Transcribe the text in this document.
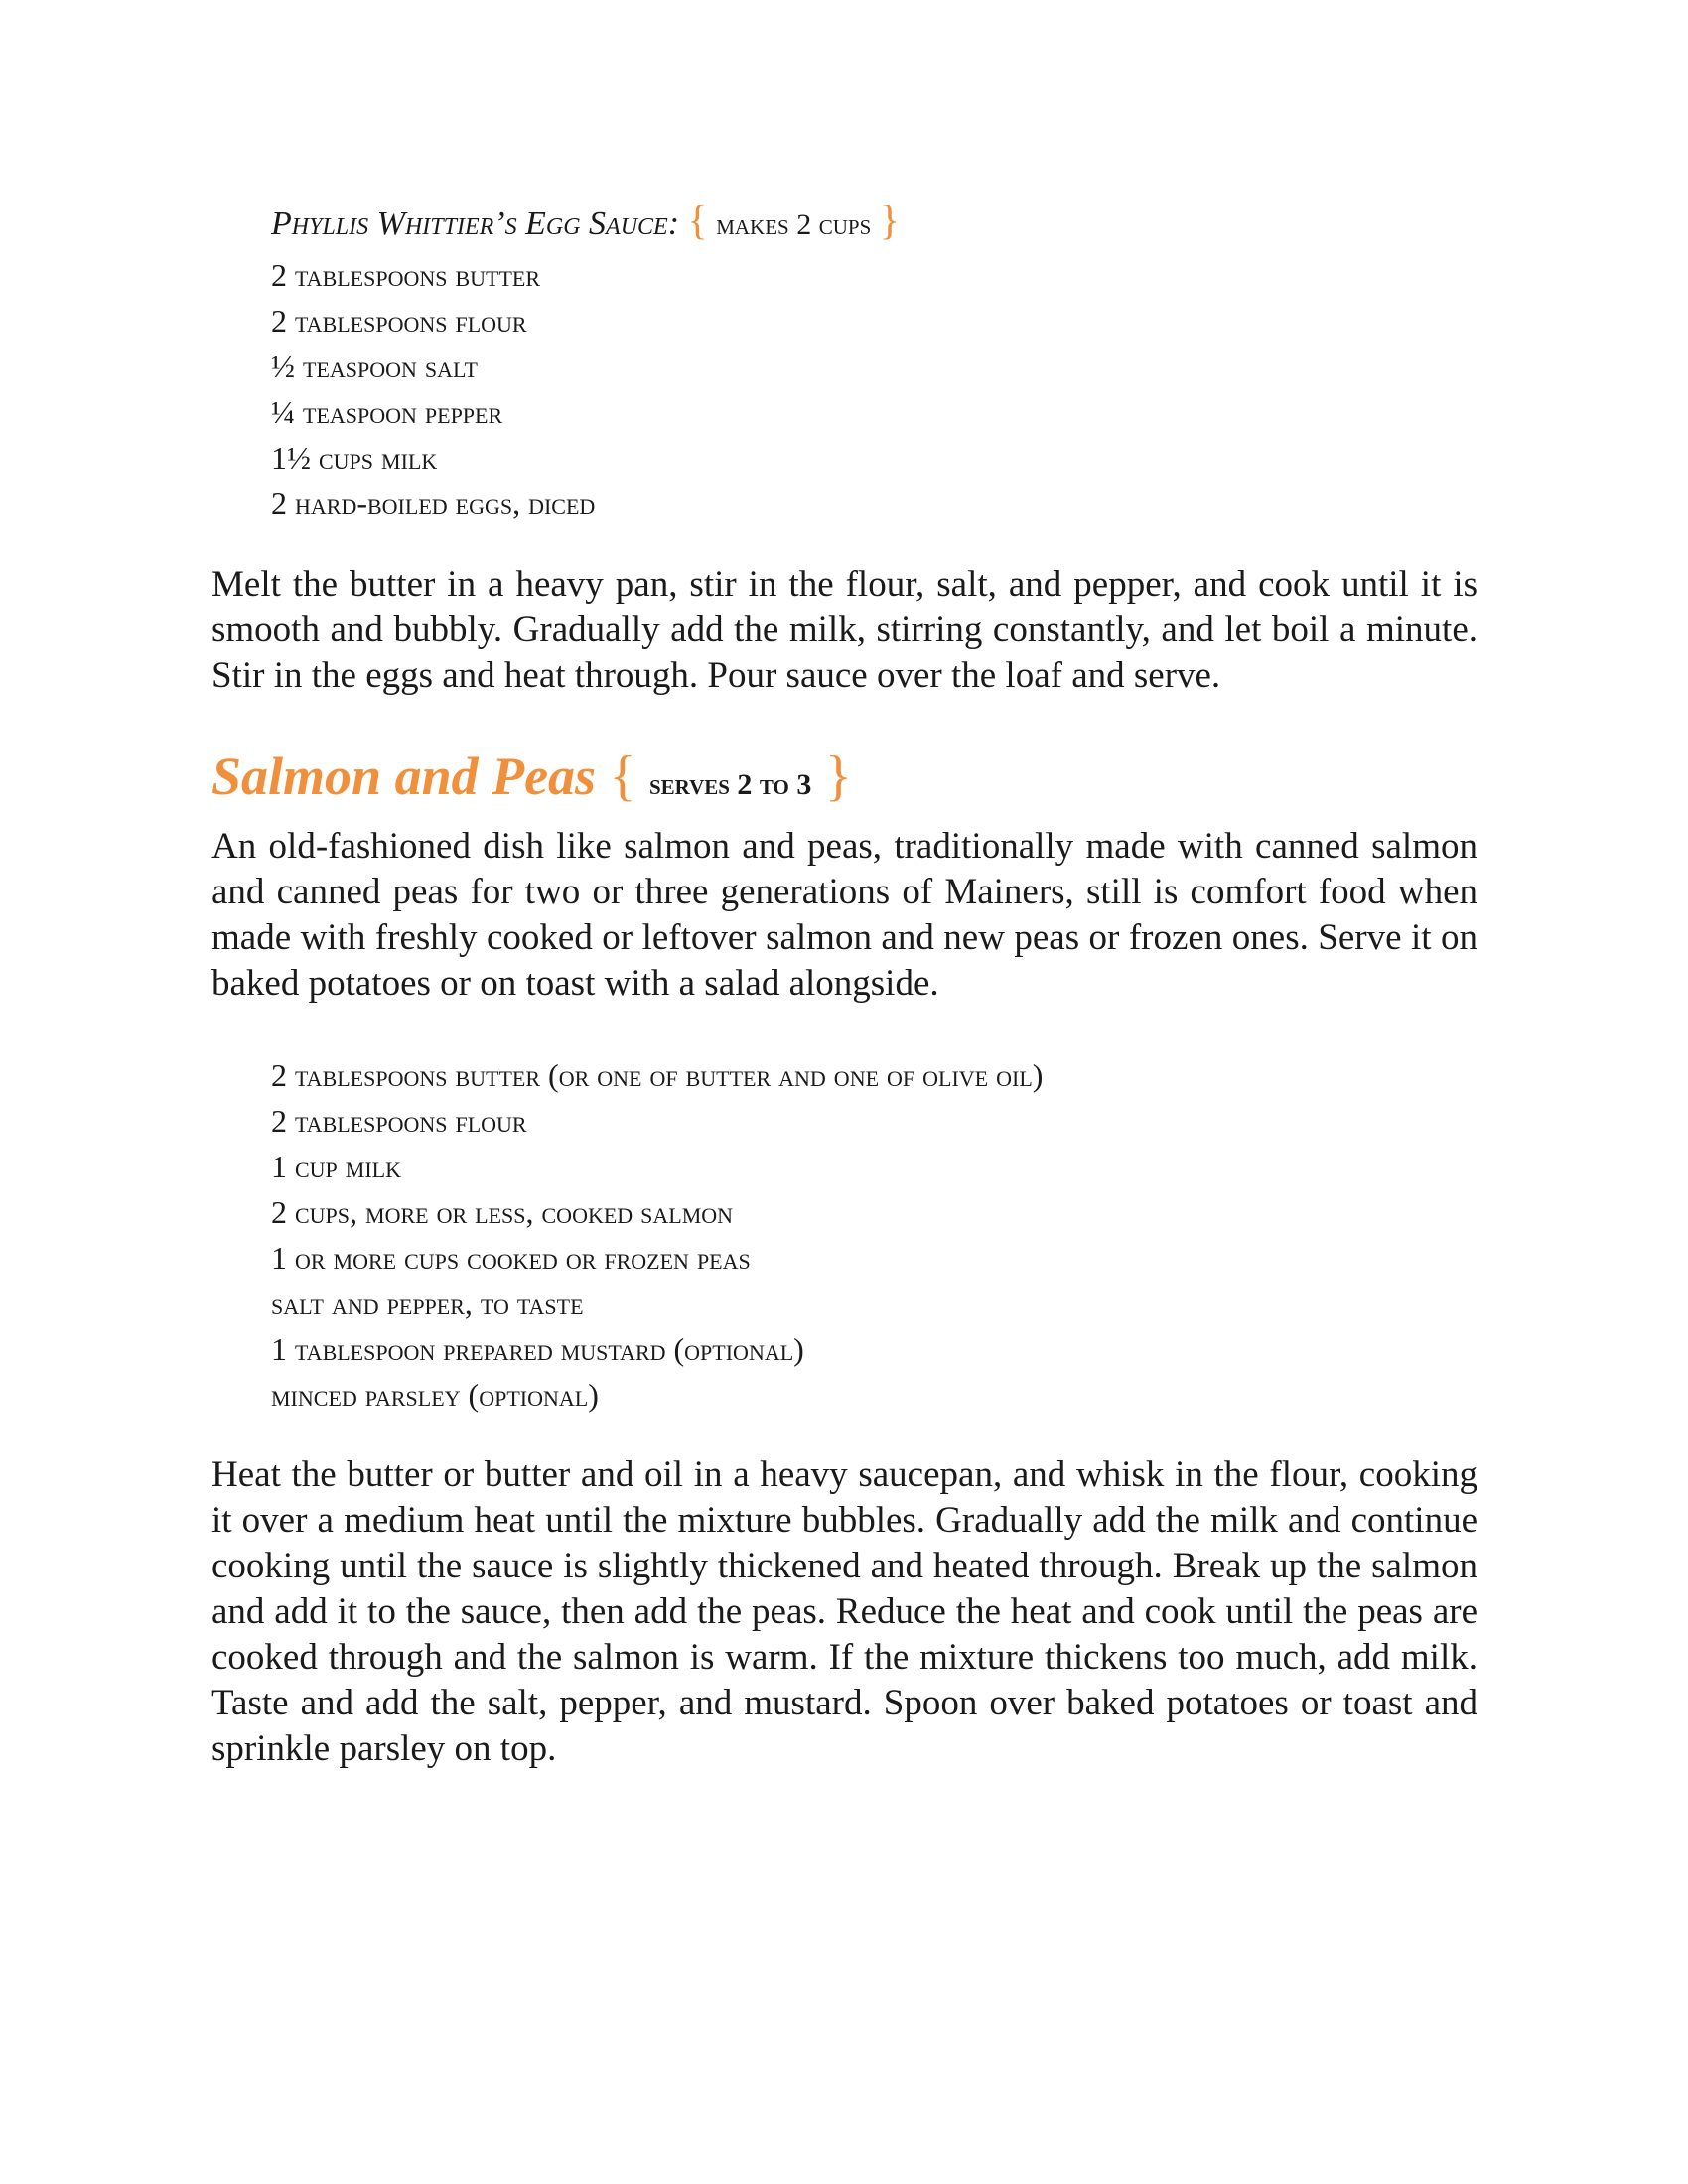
Phyllis Whittier’s Egg Sauce: { makes 2 cups }
2 tablespoons butter
2 tablespoons flour
½ teaspoon salt
¼ teaspoon pepper
1½ cups milk
2 hard-boiled eggs, diced

Melt the butter in a heavy pan, stir in the flour, salt, and pepper, and cook until it is smooth and bubbly. Gradually add the milk, stirring constantly, and let boil a minute. Stir in the eggs and heat through. Pour sauce over the loaf and serve.

Salmon and Peas { serves 2 to 3 }

An old-fashioned dish like salmon and peas, traditionally made with canned salmon and canned peas for two or three generations of Mainers, still is comfort food when made with freshly cooked or leftover salmon and new peas or frozen ones. Serve it on baked potatoes or on toast with a salad alongside.

2 tablespoons butter (or one of butter and one of olive oil)
2 tablespoons flour
1 cup milk
2 cups, more or less, cooked salmon
1 or more cups cooked or frozen peas
salt and pepper, to taste
1 tablespoon prepared mustard (optional)
minced parsley (optional)

Heat the butter or butter and oil in a heavy saucepan, and whisk in the flour, cooking it over a medium heat until the mixture bubbles. Gradually add the milk and continue cooking until the sauce is slightly thickened and heated through. Break up the salmon and add it to the sauce, then add the peas. Reduce the heat and cook until the peas are cooked through and the salmon is warm. If the mixture thickens too much, add milk. Taste and add the salt, pepper, and mustard. Spoon over baked potatoes or toast and sprinkle parsley on top.
